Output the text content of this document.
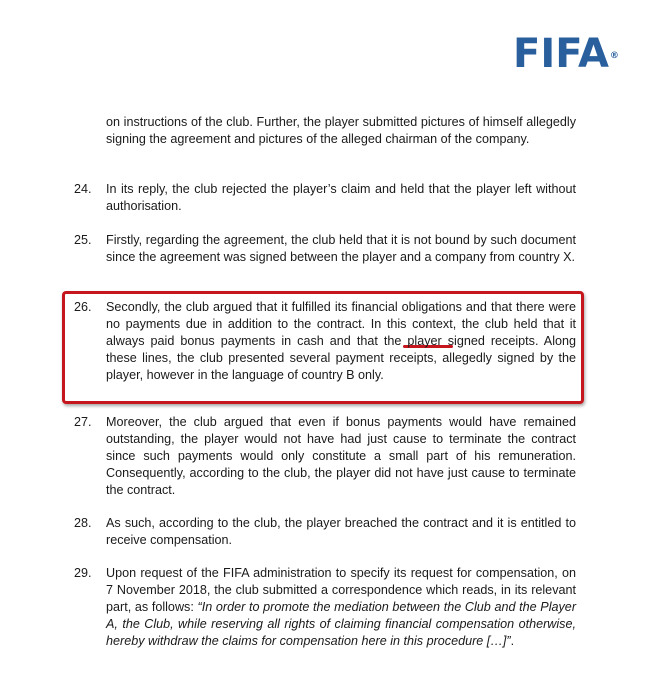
FIFA®
on instructions of the club. Further, the player submitted pictures of himself allegedly signing the agreement and pictures of the alleged chairman of the company.
24.	In its reply, the club rejected the player’s claim and held that the player left without authorisation.
25.	Firstly, regarding the agreement, the club held that it is not bound by such document since the agreement was signed between the player and a company from country X.
26.	Secondly, the club argued that it fulfilled its financial obligations and that there were no payments due in addition to the contract. In this context, the club held that it always paid bonus payments in cash and that the player signed receipts. Along these lines, the club presented several payment receipts, allegedly signed by the player, however in the language of country B only.
27.	Moreover, the club argued that even if bonus payments would have remained outstanding, the player would not have had just cause to terminate the contract since such payments would only constitute a small part of his remuneration. Consequently, according to the club, the player did not have just cause to terminate the contract.
28.	As such, according to the club, the player breached the contract and it is entitled to receive compensation.
29.	Upon request of the FIFA administration to specify its request for compensation, on 7 November 2018, the club submitted a correspondence which reads, in its relevant part, as follows: “In order to promote the mediation between the Club and the Player A, the Club, while reserving all rights of claiming financial compensation otherwise, hereby withdraw the claims for compensation here in this procedure […]”.
